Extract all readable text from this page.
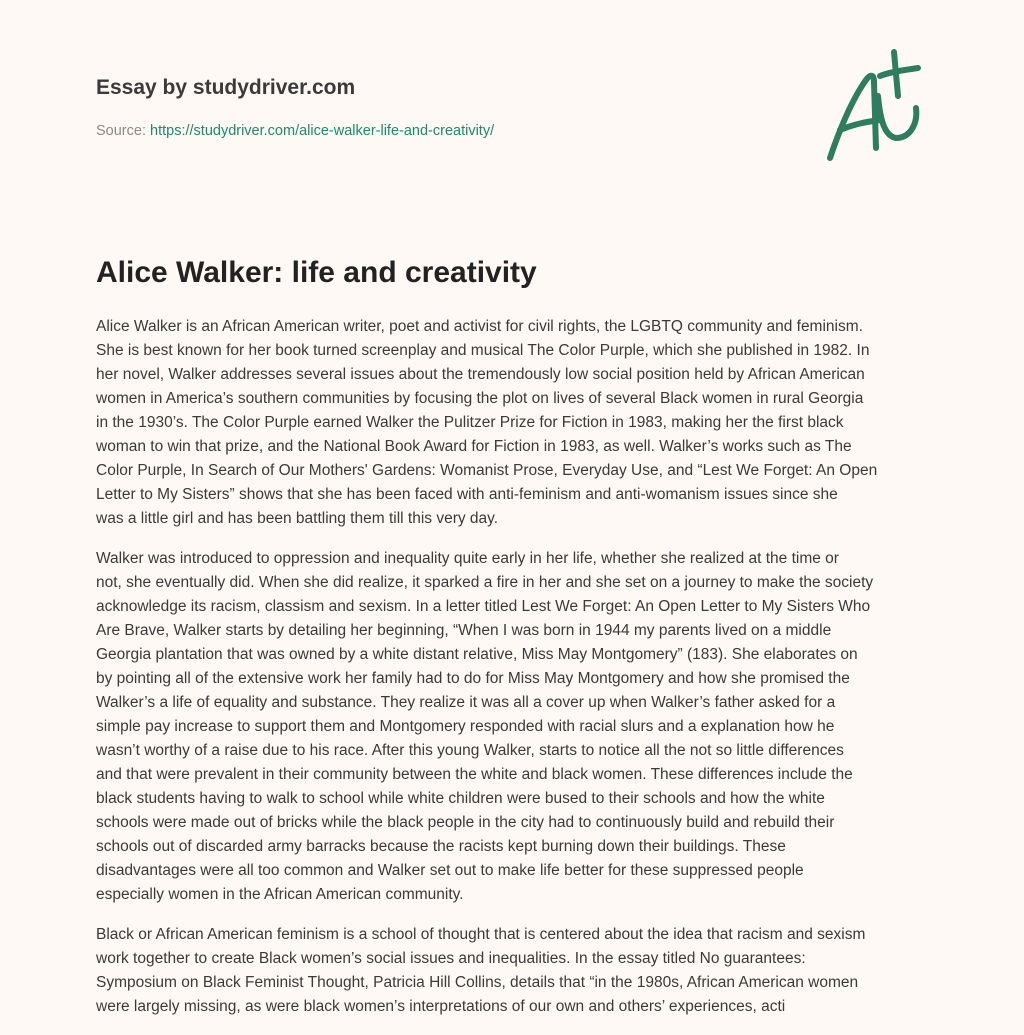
Essay by studydriver.com
Source: https://studydriver.com/alice-walker-life-and-creativity/
Alice Walker: life and creativity

Alice Walker is an African American writer, poet and activist for civil rights, the LGBTQ community and feminism.
She is best known for her book turned screenplay and musical The Color Purple, which she published in 1982. In
her novel, Walker addresses several issues about the tremendously low social position held by African American
women in America’s southern communities by focusing the plot on lives of several Black women in rural Georgia
in the 1930’s. The Color Purple earned Walker the Pulitzer Prize for Fiction in 1983, making her the first black
woman to win that prize, and the National Book Award for Fiction in 1983, as well. Walker’s works such as The
Color Purple, In Search of Our Mothers' Gardens: Womanist Prose, Everyday Use, and “Lest We Forget: An Open
Letter to My Sisters” shows that she has been faced with anti-feminism and anti-womanism issues since she
was a little girl and has been battling them till this very day.

Walker was introduced to oppression and inequality quite early in her life, whether she realized at the time or
not, she eventually did. When she did realize, it sparked a fire in her and she set on a journey to make the society
acknowledge its racism, classism and sexism. In a letter titled Lest We Forget: An Open Letter to My Sisters Who
Are Brave, Walker starts by detailing her beginning, “When I was born in 1944 my parents lived on a middle
Georgia plantation that was owned by a white distant relative, Miss May Montgomery” (183). She elaborates on
by pointing all of the extensive work her family had to do for Miss May Montgomery and how she promised the
Walker’s a life of equality and substance. They realize it was all a cover up when Walker’s father asked for a
simple pay increase to support them and Montgomery responded with racial slurs and a explanation how he
wasn’t worthy of a raise due to his race. After this young Walker, starts to notice all the not so little differences
and that were prevalent in their community between the white and black women. These differences include the
black students having to walk to school while white children were bused to their schools and how the white
schools were made out of bricks while the black people in the city had to continuously build and rebuild their
schools out of discarded army barracks because the racists kept burning down their buildings. These
disadvantages were all too common and Walker set out to make life better for these suppressed people
especially women in the African American community.

Black or African American feminism is a school of thought that is centered about the idea that racism and sexism
work together to create Black women’s social issues and inequalities. In the essay titled No guarantees:
Symposium on Black Feminist Thought, Patricia Hill Collins, details that “in the 1980s, African American women
were largely missing, as were black women’s interpretations of our own and others’ experiences, acti
